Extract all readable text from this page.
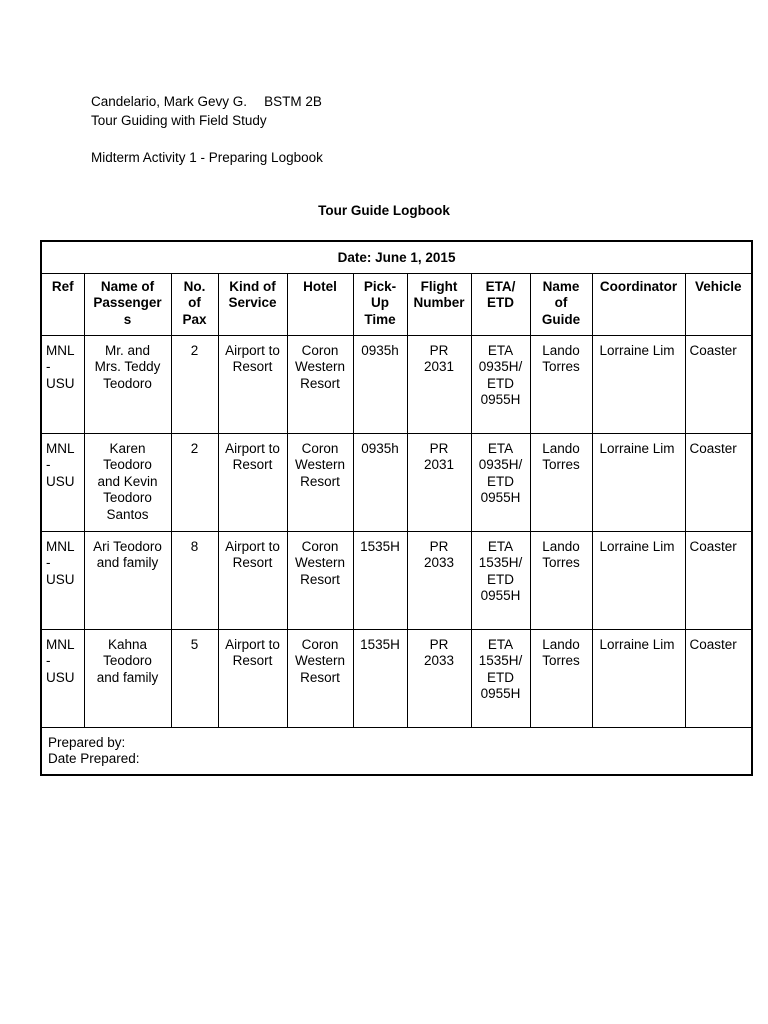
Candelario, Mark Gevy G. BSTM 2B
Tour Guiding with Field Study
Midterm Activity 1 - Preparing Logbook
Tour Guide Logbook
Date: June 1, 2015										
Ref	Name of
Passenger
s	No.
of
Pax	Kind of
Service	Hotel	Pick-
Up
Time	Flight
Number	ETA/
ETD	Name
of
Guide	Coordinator	Vehicle
MNL
-
USU	Mr. and
Mrs. Teddy
Teodoro	2	Airport to
Resort	Coron
Western
Resort	0935h	PR
2031	ETA
0935H/
ETD
0955H	Lando
Torres	Lorraine Lim	Coaster
MNL
-
USU	Karen
Teodoro
and Kevin
Teodoro
Santos	2	Airport to
Resort	Coron
Western
Resort	0935h	PR
2031	ETA
0935H/
ETD
0955H	Lando
Torres	Lorraine Lim	Coaster
MNL
-
USU	Ari Teodoro
and family	8	Airport to
Resort	Coron
Western
Resort	1535H	PR
2033	ETA
1535H/
ETD
0955H	Lando
Torres	Lorraine Lim	Coaster
MNL
-
USU	Kahna
Teodoro
and family	5	Airport to
Resort	Coron
Western
Resort	1535H	PR
2033	ETA
1535H/
ETD
0955H	Lando
Torres	Lorraine Lim	Coaster

Prepared by:
Date Prepared:										
